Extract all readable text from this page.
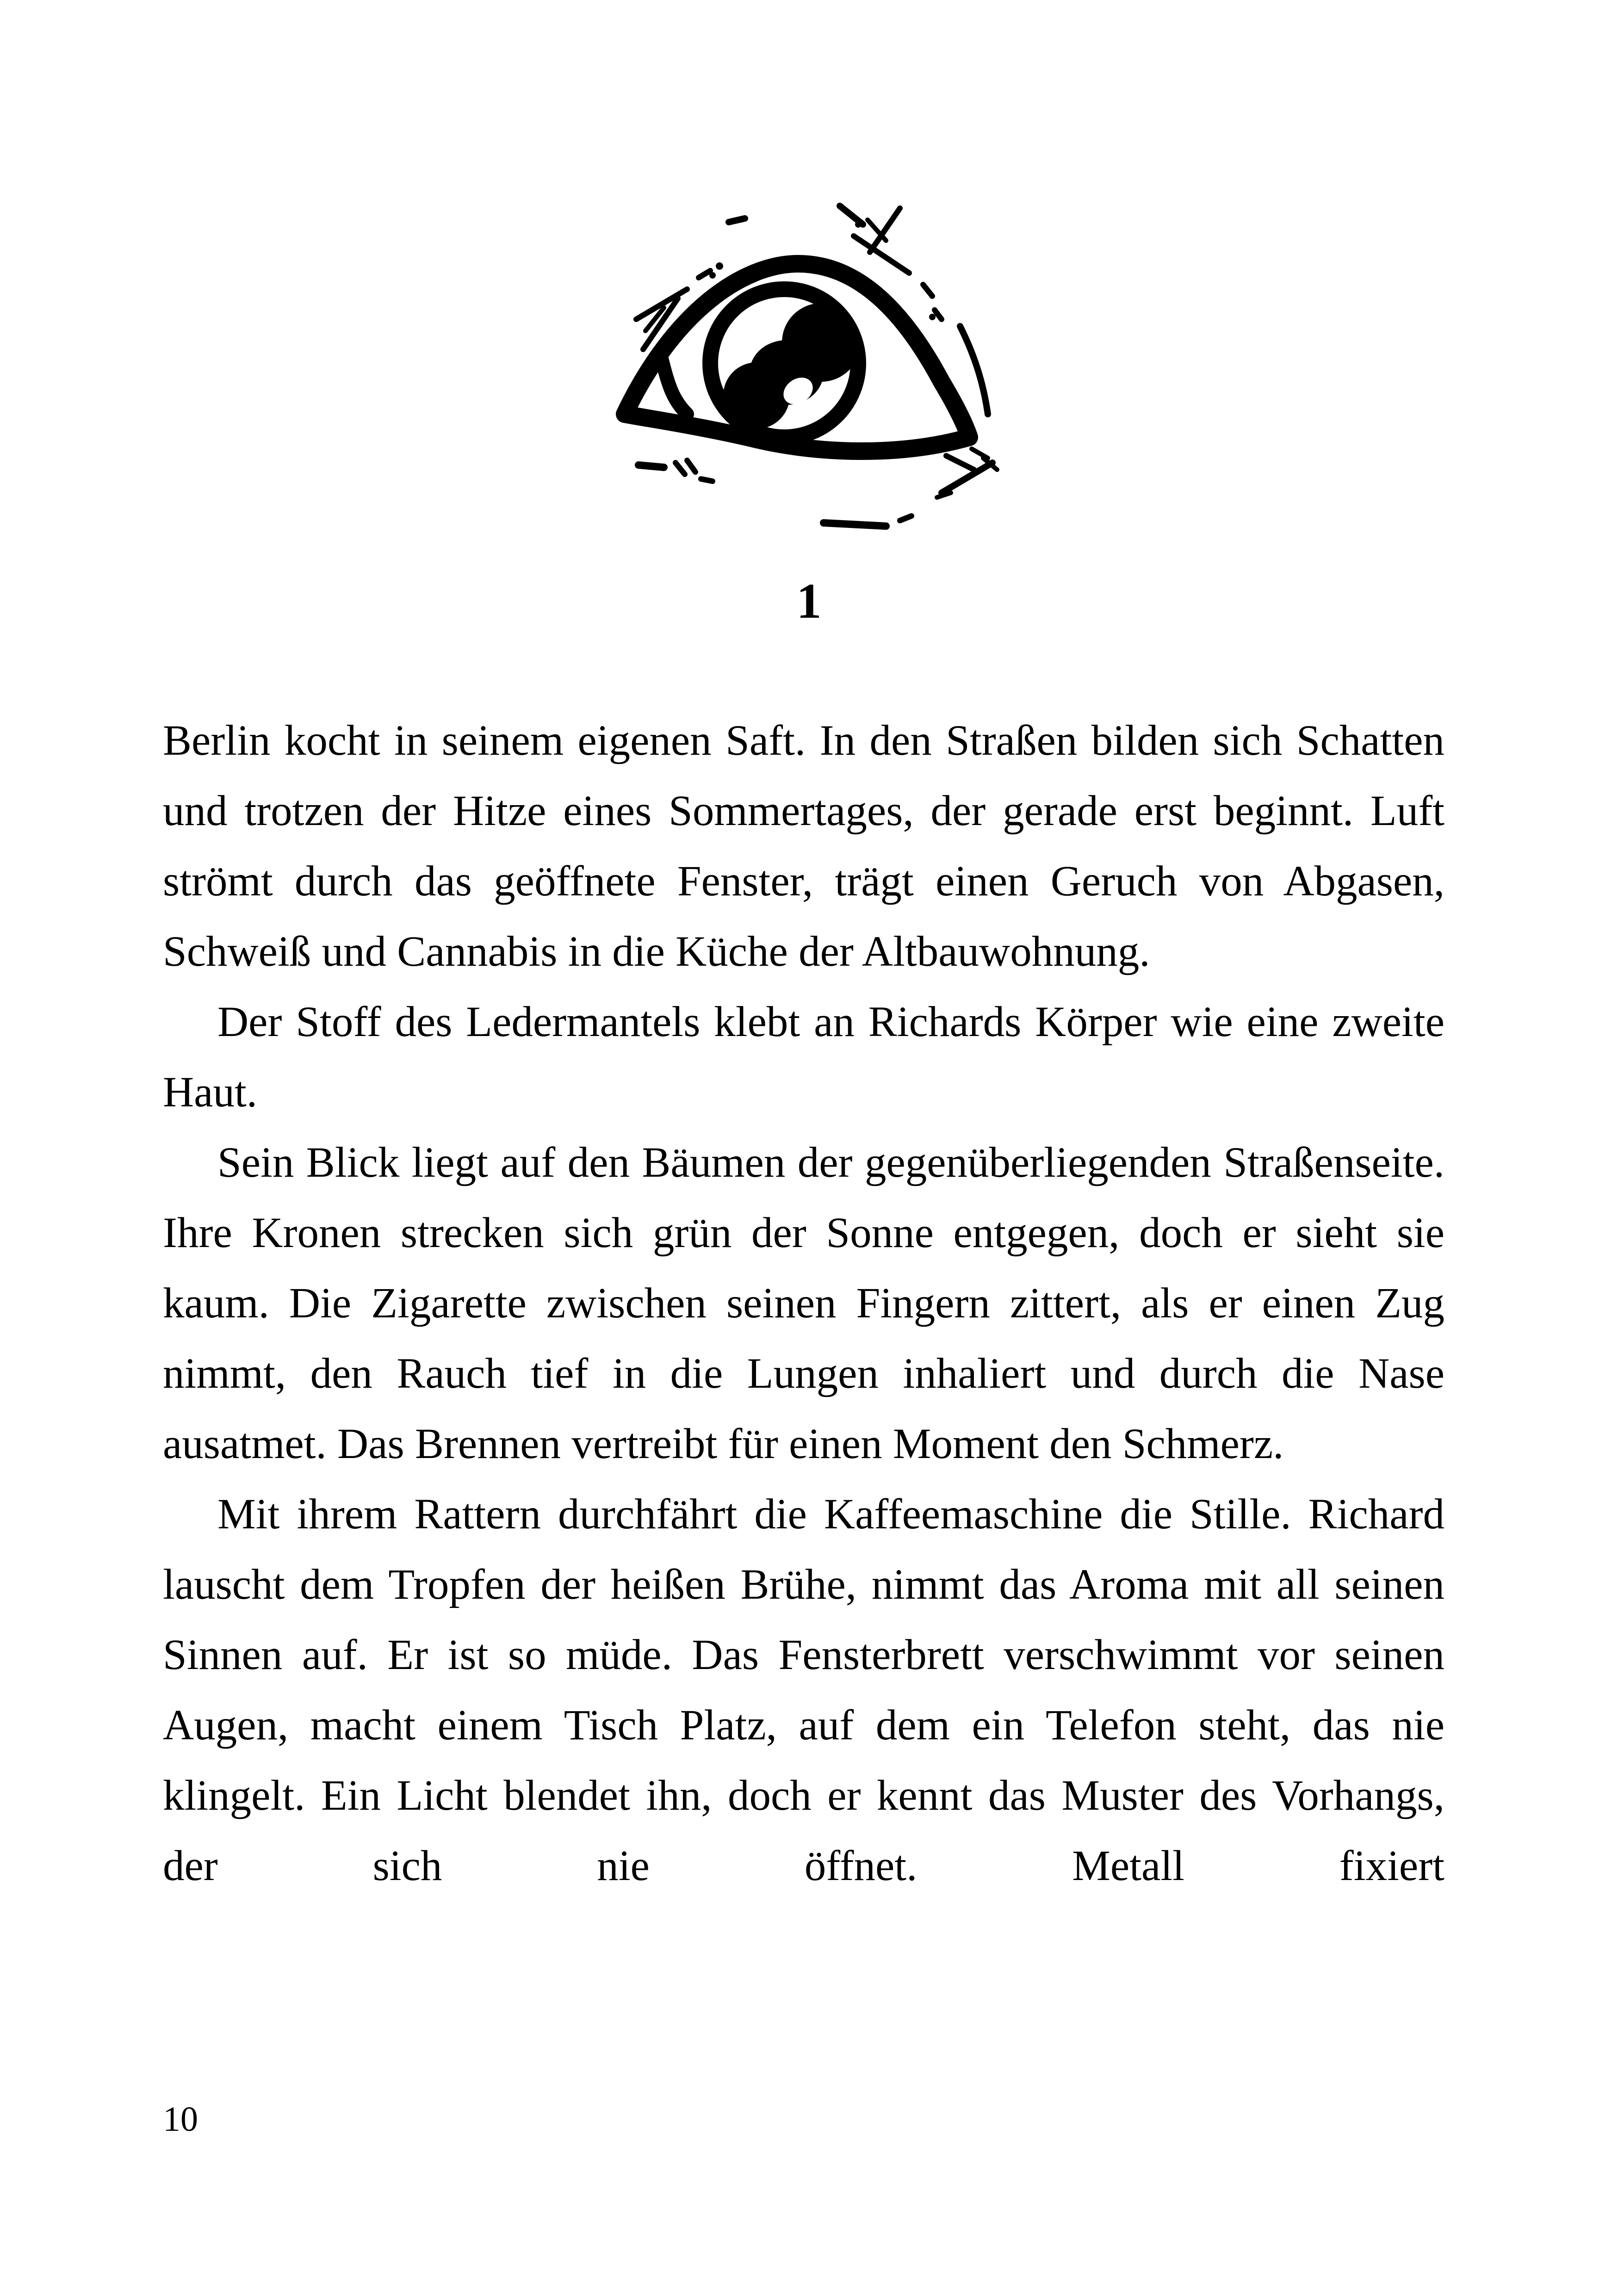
1

Berlin kocht in seinem eigenen Saft. In den Straßen bilden sich Schatten und trotzen der Hitze eines Sommertages, der gerade erst beginnt. Luft strömt durch das geöffnete Fenster, trägt einen Geruch von Abgasen, Schweiß und Cannabis in die Küche der Altbauwohnung.

Der Stoff des Ledermantels klebt an Richards Körper wie eine zweite Haut.

Sein Blick liegt auf den Bäumen der gegenüberliegenden Straßenseite. Ihre Kronen strecken sich grün der Sonne entgegen, doch er sieht sie kaum. Die Zigarette zwischen seinen Fingern zittert, als er einen Zug nimmt, den Rauch tief in die Lungen inhaliert und durch die Nase ausatmet. Das Brennen vertreibt für einen Moment den Schmerz.

Mit ihrem Rattern durchfährt die Kaffeemaschine die Stille. Richard lauscht dem Tropfen der heißen Brühe, nimmt das Aroma mit all seinen Sinnen auf. Er ist so müde. Das Fensterbrett verschwimmt vor seinen Augen, macht einem Tisch Platz, auf dem ein Telefon steht, das nie klingelt. Ein Licht blendet ihn, doch er kennt das Muster des Vorhangs, der sich nie öffnet. Metall fixiert

10
